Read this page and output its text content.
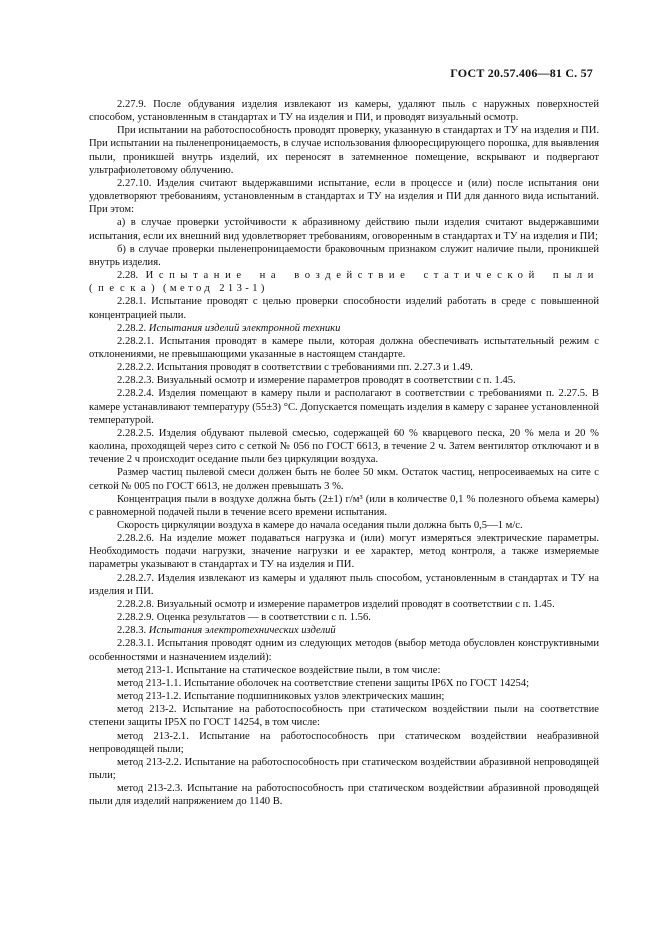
ГОСТ 20.57.406—81 С. 57

2.27.9. После обдувания изделия извлекают из камеры, удаляют пыль с наружных поверхностей способом, установленным в стандартах и ТУ на изделия и ПИ, и проводят визуальный осмотр.

При испытании на работоспособность проводят проверку, указанную в стандартах и ТУ на изделия и ПИ. При испытании на пыленепроницаемость, в случае использования флюоресцирующего порошка, для выявления пыли, проникшей внутрь изделий, их переносят в затемненное помещение, вскрывают и подвергают ультрафиолетовому облучению.

2.27.10. Изделия считают выдержавшими испытание, если в процессе и (или) после испытания они удовлетворяют требованиям, установленным в стандартах и ТУ на изделия и ПИ для данного вида испытаний. При этом:

а) в случае проверки устойчивости к абразивному действию пыли изделия считают выдержавшими испытания, если их внешний вид удовлетворяет требованиям, оговоренным в стандартах и ТУ на изделия и ПИ;

б) в случае проверки пыленепроницаемости браковочным признаком служит наличие пыли, проникшей внутрь изделия.

2.28. Испытание на воздействие статической пыли (песка) (метод 213-1)

2.28.1. Испытание проводят с целью проверки способности изделий работать в среде с повышенной концентрацией пыли.

2.28.2. Испытания изделий электронной техники

2.28.2.1. Испытания проводят в камере пыли, которая должна обеспечивать испытательный режим с отклонениями, не превышающими указанные в настоящем стандарте.

2.28.2.2. Испытания проводят в соответствии с требованиями пп. 2.27.3 и 1.49.

2.28.2.3. Визуальный осмотр и измерение параметров проводят в соответствии с п. 1.45.

2.28.2.4. Изделия помещают в камеру пыли и располагают в соответствии с требованиями п. 2.27.5. В камере устанавливают температуру (55±3) °С. Допускается помещать изделия в камеру с заранее установленной температурой.

2.28.2.5. Изделия обдувают пылевой смесью, содержащей 60 % кварцевого песка, 20 % мела и 20 % каолина, проходящей через сито с сеткой № 056 по ГОСТ 6613, в течение 2 ч. Затем вентилятор отключают и в течение 2 ч происходит оседание пыли без циркуляции воздуха.

Размер частиц пылевой смеси должен быть не более 50 мкм. Остаток частиц, непросеиваемых на сите с сеткой № 005 по ГОСТ 6613, не должен превышать 3 %.

Концентрация пыли в воздухе должна быть (2±1) г/м³ (или в количестве 0,1 % полезного объема камеры) с равномерной подачей пыли в течение всего времени испытания.

Скорость циркуляции воздуха в камере до начала оседания пыли должна быть 0,5—1 м/с.

2.28.2.6. На изделие может подаваться нагрузка и (или) могут измеряться электрические параметры. Необходимость подачи нагрузки, значение нагрузки и ее характер, метод контроля, а также измеряемые параметры указывают в стандартах и ТУ на изделия и ПИ.

2.28.2.7. Изделия извлекают из камеры и удаляют пыль способом, установленным в стандартах и ТУ на изделия и ПИ.

2.28.2.8. Визуальный осмотр и измерение параметров изделий проводят в соответствии с п. 1.45.

2.28.2.9. Оценка результатов — в соответствии с п. 1.56.

2.28.3. Испытания электротехнических изделий

2.28.3.1. Испытания проводят одним из следующих методов (выбор метода обусловлен конструктивными особенностями и назначением изделий):

метод 213-1. Испытание на статическое воздействие пыли, в том числе:

метод 213-1.1. Испытание оболочек на соответствие степени защиты IP6X по ГОСТ 14254;

метод 213-1.2. Испытание подшипниковых узлов электрических машин;

метод 213-2. Испытание на работоспособность при статическом воздействии пыли на соответствие степени защиты IP5X по ГОСТ 14254, в том числе:

метод 213-2.1. Испытание на работоспособность при статическом воздействии неабразивной непроводящей пыли;

метод 213-2.2. Испытание на работоспособность при статическом воздействии абразивной непроводящей пыли;

метод 213-2.3. Испытание на работоспособность при статическом воздействии абразивной проводящей пыли для изделий напряжением до 1140 В.
